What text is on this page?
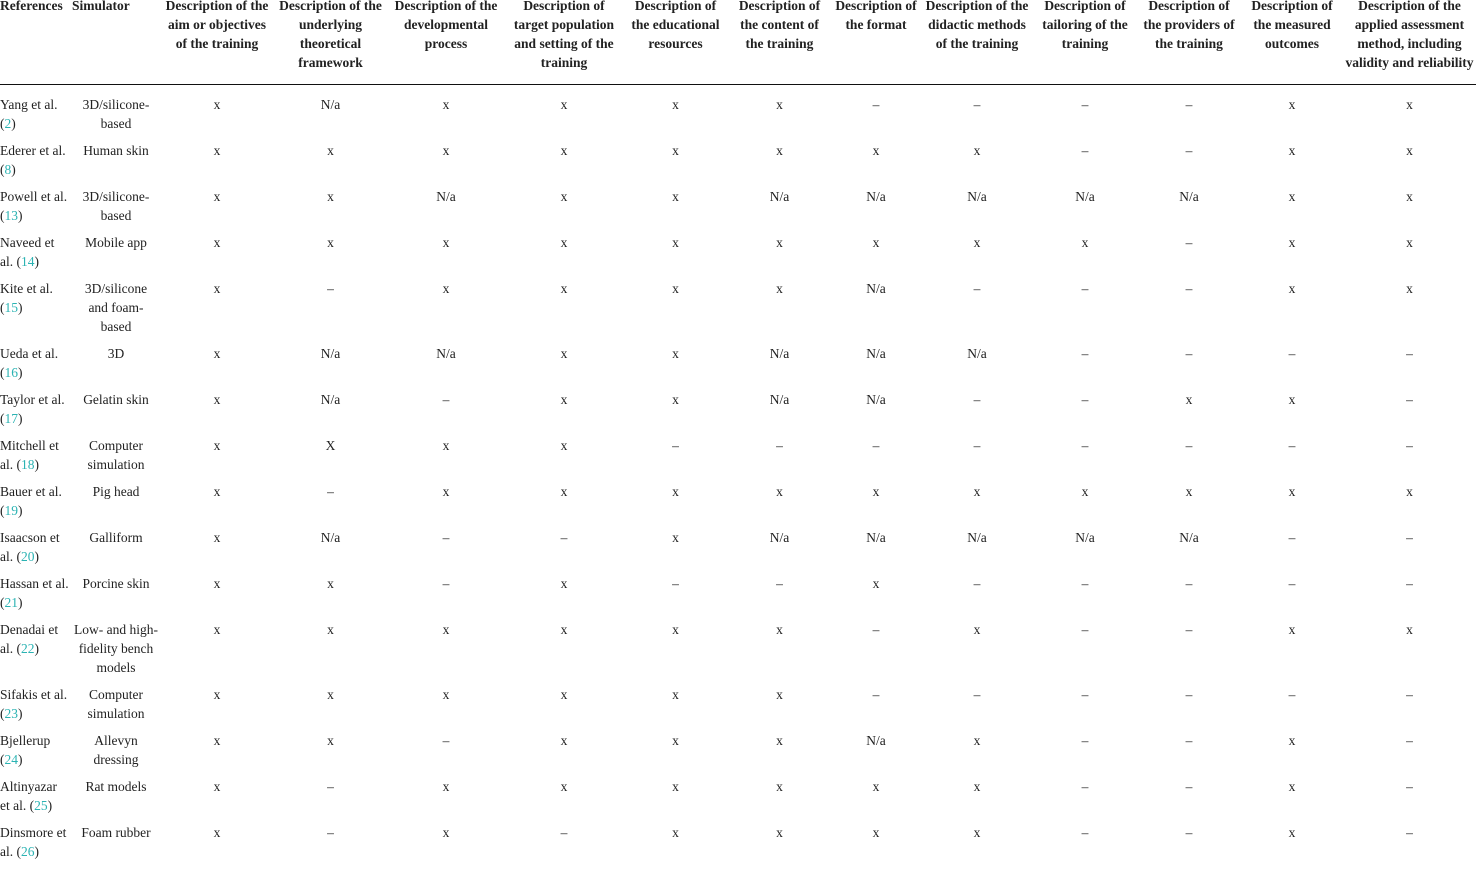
References	Simulator	Description of the aim or objectives of the training	Description of the underlying theoretical framework	Description of the developmental process	Description of target population and setting of the training	Description of the educational resources	Description of the content of the training	Description of the format	Description of the didactic methods of the training	Description of tailoring of the training	Description of the providers of the training	Description of the measured outcomes	Description of the applied assessment method, including validity and reliability

Yang et al. (2)	3D/silicone-based	x	N/a	x	x	x	x	–	–	–	–	x	x
Ederer et al. (8)	Human skin	x	x	x	x	x	x	x	x	–	–	x	x
Powell et al. (13)	3D/silicone-based	x	x	N/a	x	x	N/a	N/a	N/a	N/a	N/a	x	x
Naveed et al. (14)	Mobile app	x	x	x	x	x	x	x	x	x	–	x	x
Kite et al. (15)	3D/silicone and foam-based	x	–	x	x	x	x	N/a	–	–	–	x	x
Ueda et al. (16)	3D	x	N/a	N/a	x	x	N/a	N/a	N/a	–	–	–	–
Taylor et al. (17)	Gelatin skin	x	N/a	–	x	x	N/a	N/a	–	–	x	x	–
Mitchell et al. (18)	Computer simulation	x	X	x	x	–	–	–	–	–	–	–	–
Bauer et al. (19)	Pig head	x	–	x	x	x	x	x	x	x	x	x	x
Isaacson et al. (20)	Galliform	x	N/a	–	–	x	N/a	N/a	N/a	N/a	N/a	–	–
Hassan et al. (21)	Porcine skin	x	x	–	x	–	–	x	–	–	–	–	–
Denadai et al. (22)	Low- and high-fidelity bench models	x	x	x	x	x	x	–	x	–	–	x	x
Sifakis et al. (23)	Computer simulation	x	x	x	x	x	x	–	–	–	–	–	–
Bjellerup (24)	Allevyn dressing	x	x	–	x	x	x	N/a	x	–	–	x	–
Altinyazar et al. (25)	Rat models	x	–	x	x	x	x	x	x	–	–	x	–
Dinsmore et al. (26)	Foam rubber	x	–	x	–	x	x	x	x	–	–	x	–
